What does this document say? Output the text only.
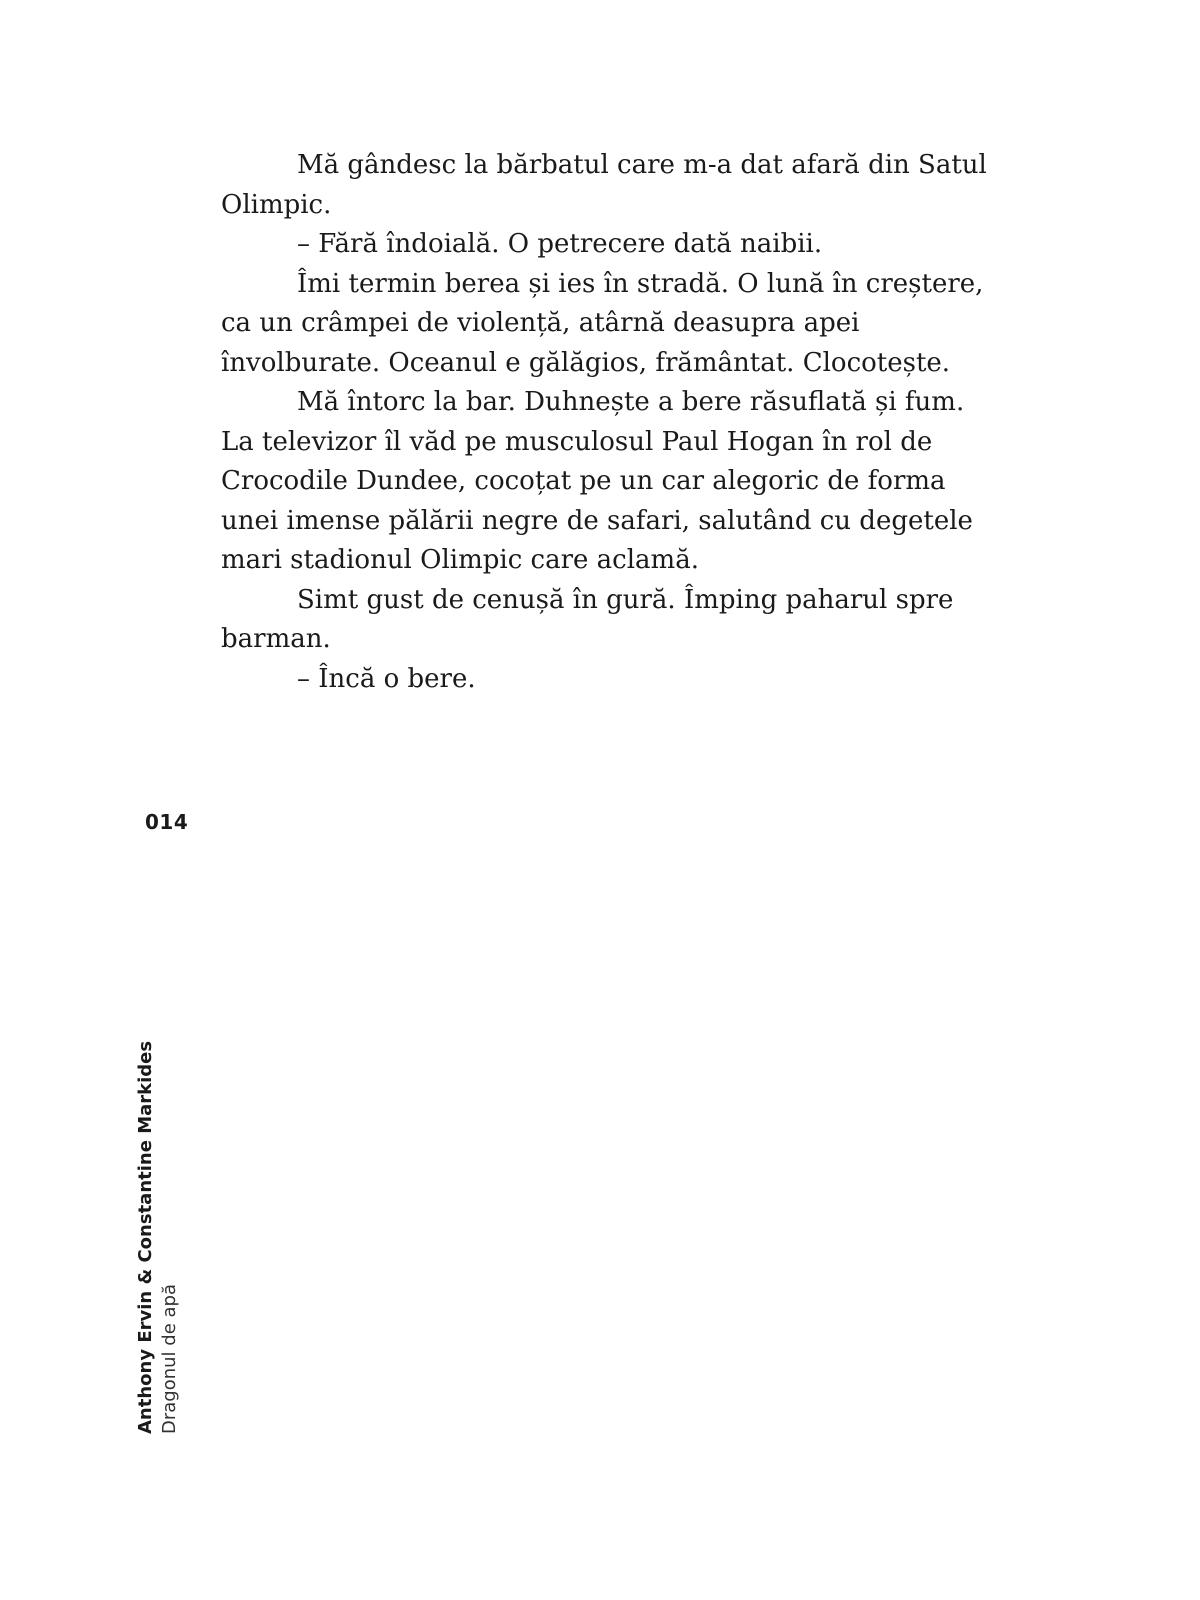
Mă gândesc la bărbatul care m-a dat afară din Satul Olimpic.

– Fără îndoială. O petrecere dată naibii.

Îmi termin berea și ies în stradă. O lună în creștere, ca un crâmpei de violență, atârnă deasupra apei învolburate. Oceanul e gălăgios, frământat. Clocotește.

Mă întorc la bar. Duhnește a bere răsuflată și fum. La televizor îl văd pe musculosul Paul Hogan în rol de Crocodile Dundee, cocoțat pe un car alegoric de forma unei imense pălării negre de safari, salutând cu degetele mari stadionul Olimpic care aclamă.

Simt gust de cenușă în gură. Împing paharul spre barman.

– Încă o bere.

014
Anthony Ervin & Constantine Markides Dragonul de apă
